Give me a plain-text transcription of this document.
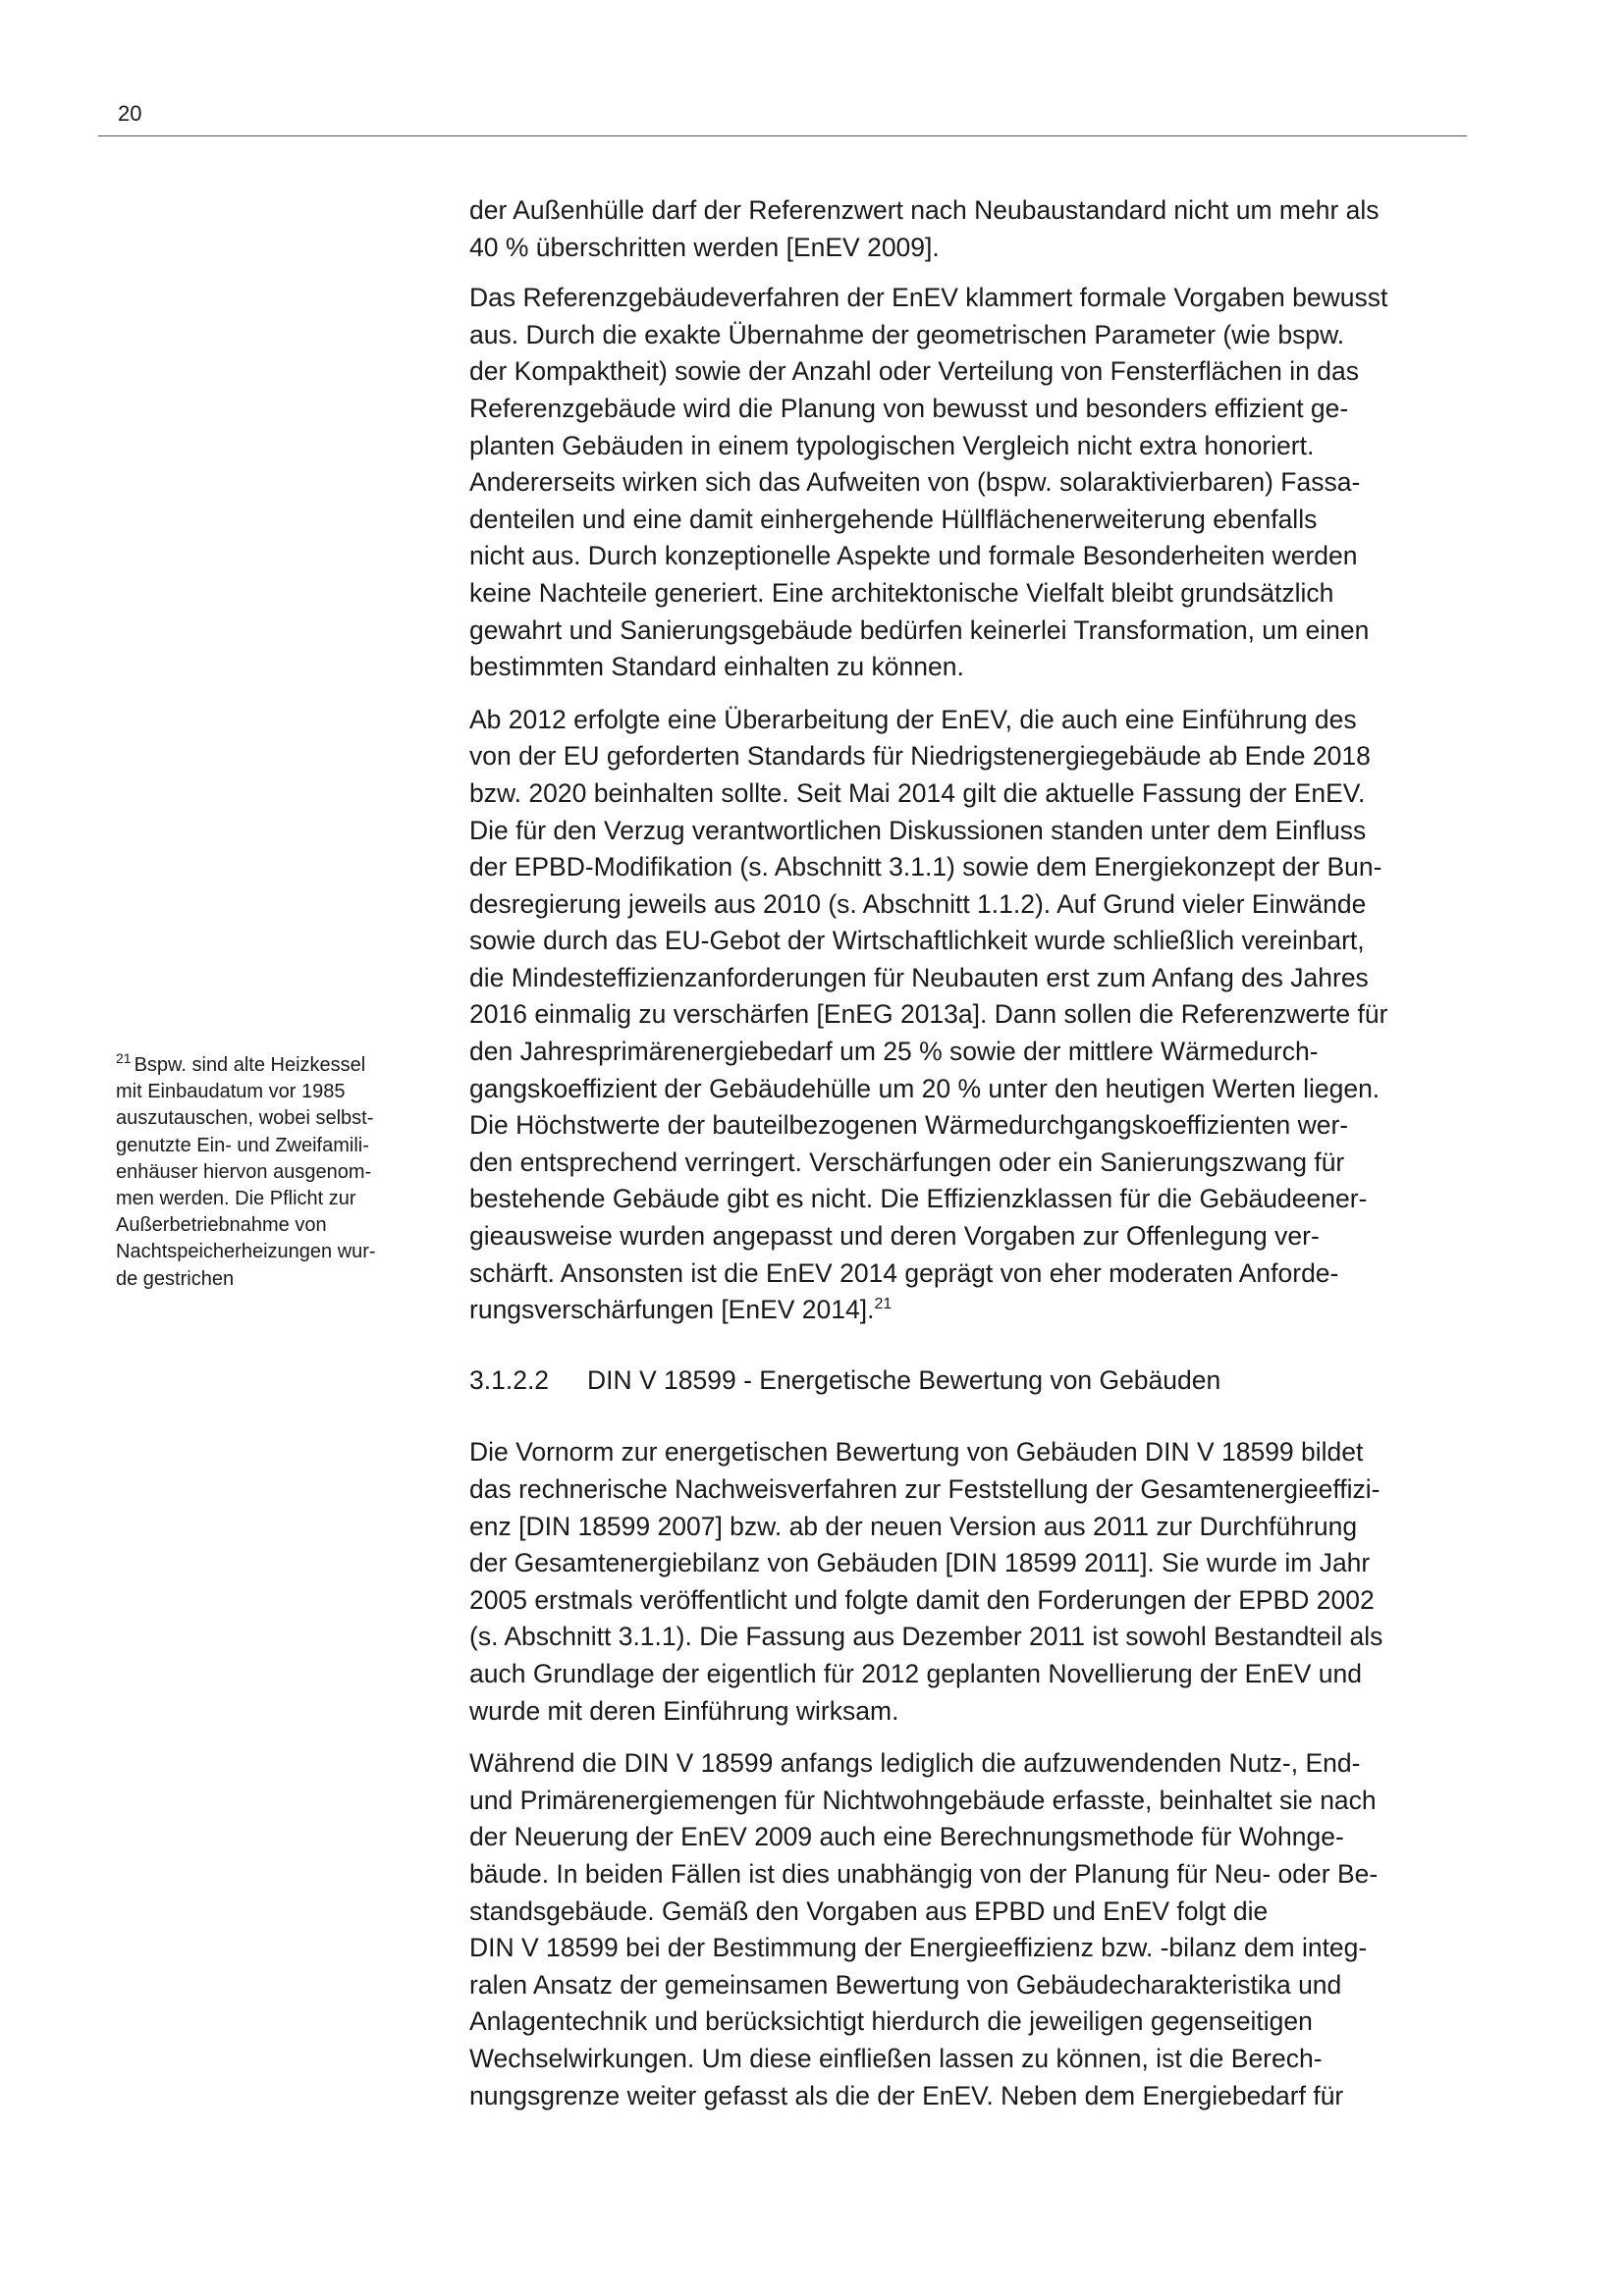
20
$^{21}$ Bspw. sind alte Heizkessel
mit Einbaudatum vor 1985
auszutauschen, wobei selbst-
genutzte Ein- und Zweifamili-
enhäuser hiervon ausgenom-
men werden. Die Pflicht zur
Außerbetriebnahme von
Nachtspeicherheizungen wur-
de gestrichen

der Außenhülle darf der Referenzwert nach Neubaustandard nicht um mehr als
40 % überschritten werden [EnEV 2009].

Das Referenzgebäudeverfahren der EnEV klammert formale Vorgaben bewusst
aus. Durch die exakte Übernahme der geometrischen Parameter (wie bspw.
der Kompaktheit) sowie der Anzahl oder Verteilung von Fensterflächen in das
Referenzgebäude wird die Planung von bewusst und besonders effizient ge-
planten Gebäuden in einem typologischen Vergleich nicht extra honoriert.
Andererseits wirken sich das Aufweiten von (bspw. solaraktivierbaren) Fassa-
denteilen und eine damit einhergehende Hüllflächenerweiterung ebenfalls
nicht aus. Durch konzeptionelle Aspekte und formale Besonderheiten werden
keine Nachteile generiert. Eine architektonische Vielfalt bleibt grundsätzlich
gewahrt und Sanierungsgebäude bedürfen keinerlei Transformation, um einen
bestimmten Standard einhalten zu können.

Ab 2012 erfolgte eine Überarbeitung der EnEV, die auch eine Einführung des
von der EU geforderten Standards für Niedrigstenergiegebäude ab Ende 2018
bzw. 2020 beinhalten sollte. Seit Mai 2014 gilt die aktuelle Fassung der EnEV.
Die für den Verzug verantwortlichen Diskussionen standen unter dem Einfluss
der EPBD-Modifikation (s. Abschnitt 3.1.1) sowie dem Energiekonzept der Bun-
desregierung jeweils aus 2010 (s. Abschnitt 1.1.2). Auf Grund vieler Einwände
sowie durch das EU-Gebot der Wirtschaftlichkeit wurde schließlich vereinbart,
die Mindesteffizienzanforderungen für Neubauten erst zum Anfang des Jahres
2016 einmalig zu verschärfen [EnEG 2013a]. Dann sollen die Referenzwerte für
den Jahresprimärenergiebedarf um 25 % sowie der mittlere Wärmedurch-
gangskoeffizient der Gebäudehülle um 20 % unter den heutigen Werten liegen.
Die Höchstwerte der bauteilbezogenen Wärmedurchgangskoeffizienten wer-
den entsprechend verringert. Verschärfungen oder ein Sanierungszwang für
bestehende Gebäude gibt es nicht. Die Effizienzklassen für die Gebäudeener-
gieausweise wurden angepasst und deren Vorgaben zur Offenlegung ver-
schärft. Ansonsten ist die EnEV 2014 geprägt von eher moderaten Anforde-
rungsverschärfungen [EnEV 2014].$^{21}$

3.1.2.2 DIN V 18599 - Energetische Bewertung von Gebäuden

Die Vornorm zur energetischen Bewertung von Gebäuden DIN V 18599 bildet
das rechnerische Nachweisverfahren zur Feststellung der Gesamtenergieeffizi-
enz [DIN 18599 2007] bzw. ab der neuen Version aus 2011 zur Durchführung
der Gesamtenergiebilanz von Gebäuden [DIN 18599 2011]. Sie wurde im Jahr
2005 erstmals veröffentlicht und folgte damit den Forderungen der EPBD 2002
(s. Abschnitt 3.1.1). Die Fassung aus Dezember 2011 ist sowohl Bestandteil als
auch Grundlage der eigentlich für 2012 geplanten Novellierung der EnEV und
wurde mit deren Einführung wirksam.

Während die DIN V 18599 anfangs lediglich die aufzuwendenden Nutz-, End-
und Primärenergiemengen für Nichtwohngebäude erfasste, beinhaltet sie nach
der Neuerung der EnEV 2009 auch eine Berechnungsmethode für Wohnge-
bäude. In beiden Fällen ist dies unabhängig von der Planung für Neu- oder Be-
standsgebäude. Gemäß den Vorgaben aus EPBD und EnEV folgt die
DIN V 18599 bei der Bestimmung der Energieeffizienz bzw. -bilanz dem integ-
ralen Ansatz der gemeinsamen Bewertung von Gebäudecharakteristika und
Anlagentechnik und berücksichtigt hierdurch die jeweiligen gegenseitigen
Wechselwirkungen. Um diese einfließen lassen zu können, ist die Berech-
nungsgrenze weiter gefasst als die der EnEV. Neben dem Energiebedarf für
